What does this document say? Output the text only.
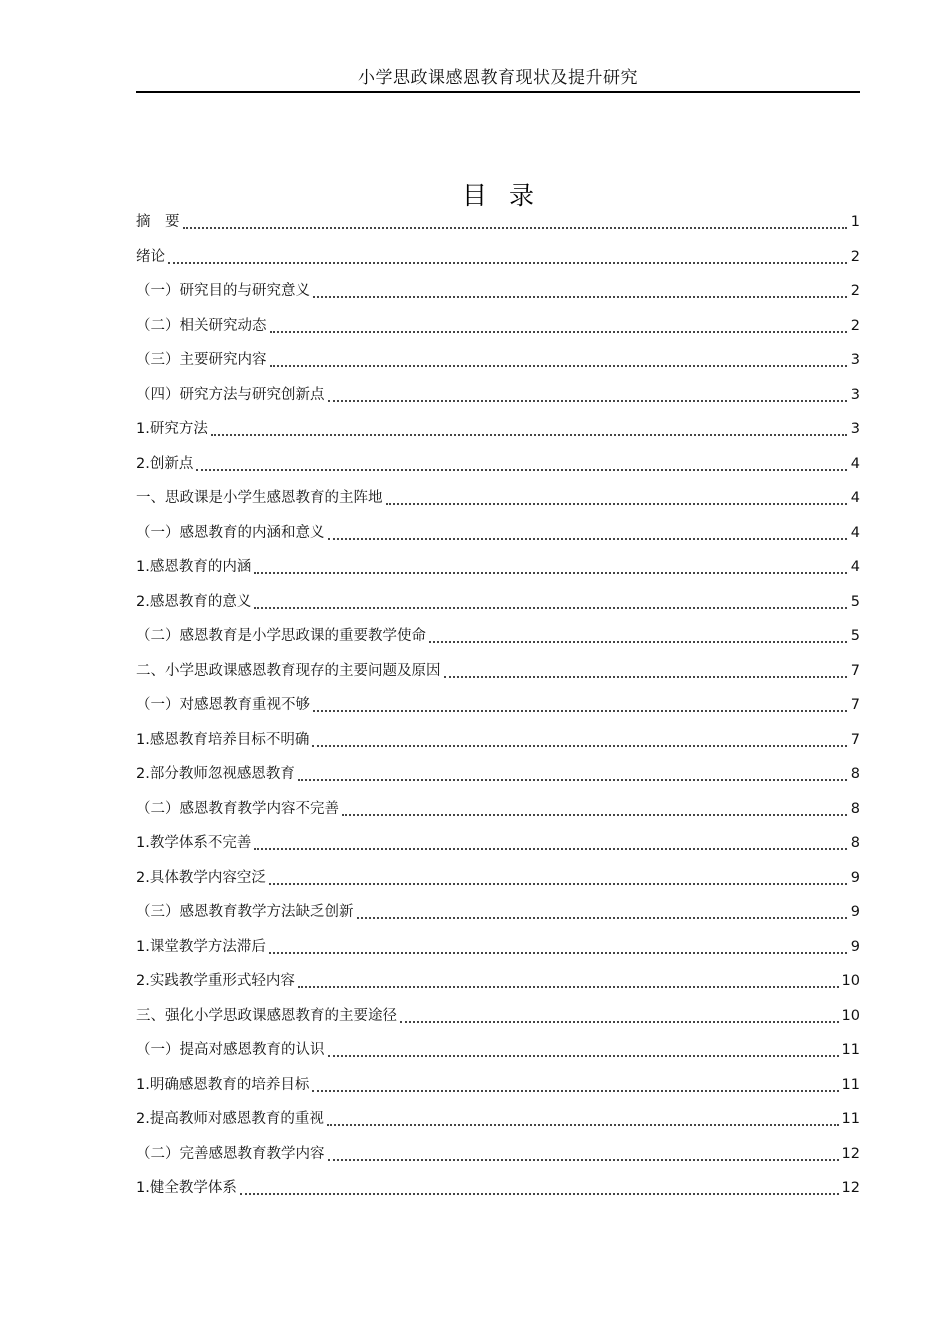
小学思政课感恩教育现状及提升研究
目录
摘　要	1
绪论	2
（一）研究目的与研究意义	2
（二）相关研究动态	2
（三）主要研究内容	3
（四）研究方法与研究创新点	3
1.研究方法	3
2.创新点	4
一、思政课是小学生感恩教育的主阵地	4
（一）感恩教育的内涵和意义	4
1.感恩教育的内涵	4
2.感恩教育的意义	5
（二）感恩教育是小学思政课的重要教学使命	5
二、小学思政课感恩教育现存的主要问题及原因	7
（一）对感恩教育重视不够	7
1.感恩教育培养目标不明确	7
2.部分教师忽视感恩教育	8
（二）感恩教育教学内容不完善	8
1.教学体系不完善	8
2.具体教学内容空泛	9
（三）感恩教育教学方法缺乏创新	9
1.课堂教学方法滞后	9
2.实践教学重形式轻内容	10
三、强化小学思政课感恩教育的主要途径	10
（一）提高对感恩教育的认识	11
1.明确感恩教育的培养目标	11
2.提高教师对感恩教育的重视	11
（二）完善感恩教育教学内容	12
1.健全教学体系	12
